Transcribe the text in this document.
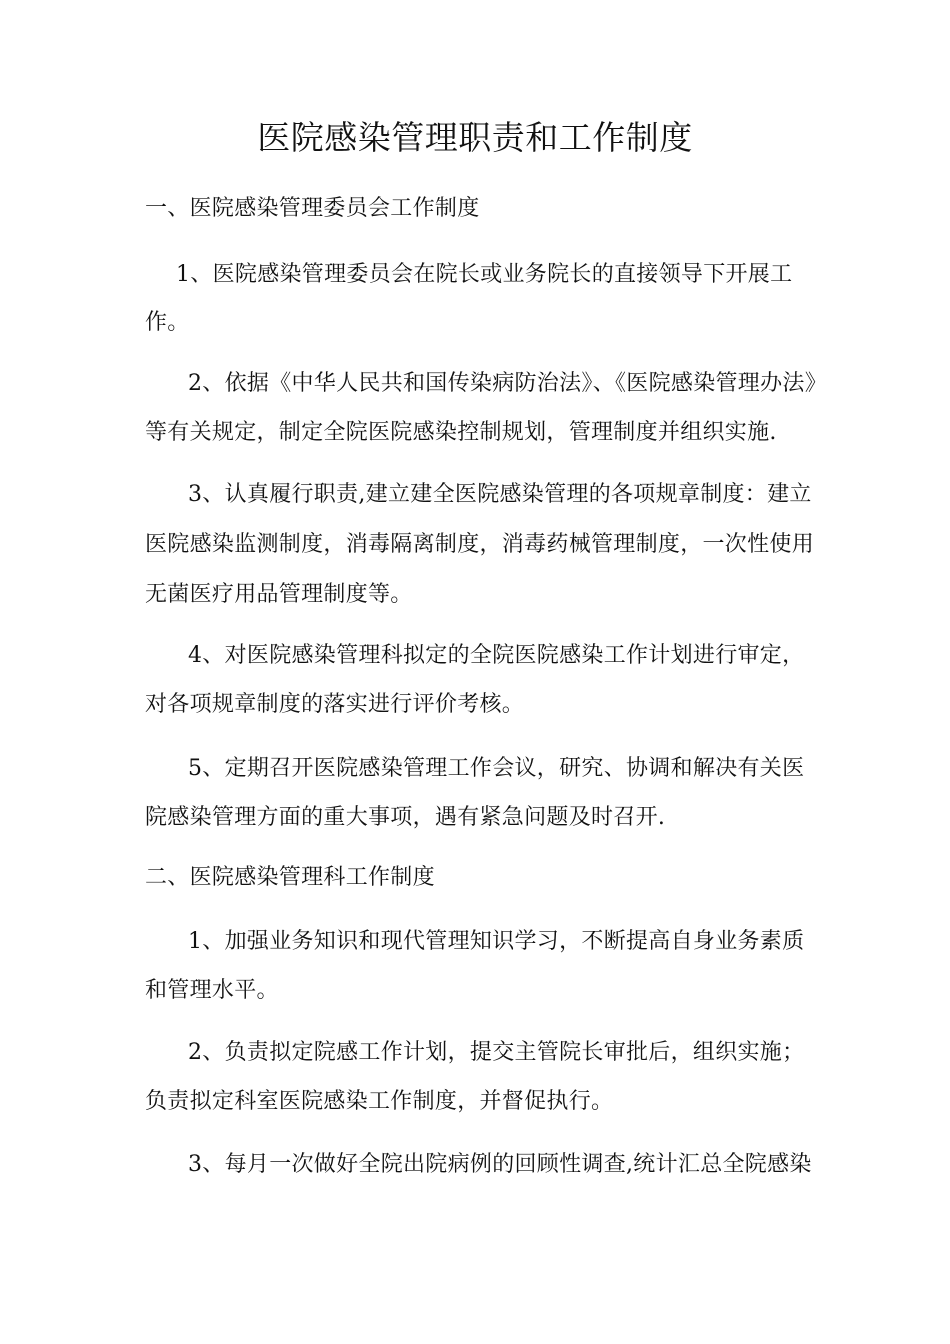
医院感染管理职责和工作制度

一、医院感染管理委员会工作制度

1、医院感染管理委员会在院长或业务院长的直接领导下开展工

作。

2、依据《中华人民共和国传染病防治法》、《医院感染管理办法》

等有关规定，制定全院医院感染控制规划，管理制度并组织实施.

3、认真履行职责,建立建全医院感染管理的各项规章制度：建立

医院感染监测制度，消毒隔离制度，消毒药械管理制度，一次性使用

无菌医疗用品管理制度等。

4、对医院感染管理科拟定的全院医院感染工作计划进行审定，

对各项规章制度的落实进行评价考核。

5、定期召开医院感染管理工作会议，研究、协调和解决有关医

院感染管理方面的重大事项，遇有紧急问题及时召开.

二、医院感染管理科工作制度

1、加强业务知识和现代管理知识学习，不断提高自身业务素质

和管理水平。

2、负责拟定院感工作计划，提交主管院长审批后，组织实施；

负责拟定科室医院感染工作制度，并督促执行。

3、每月一次做好全院出院病例的回顾性调查,统计汇总全院感染
